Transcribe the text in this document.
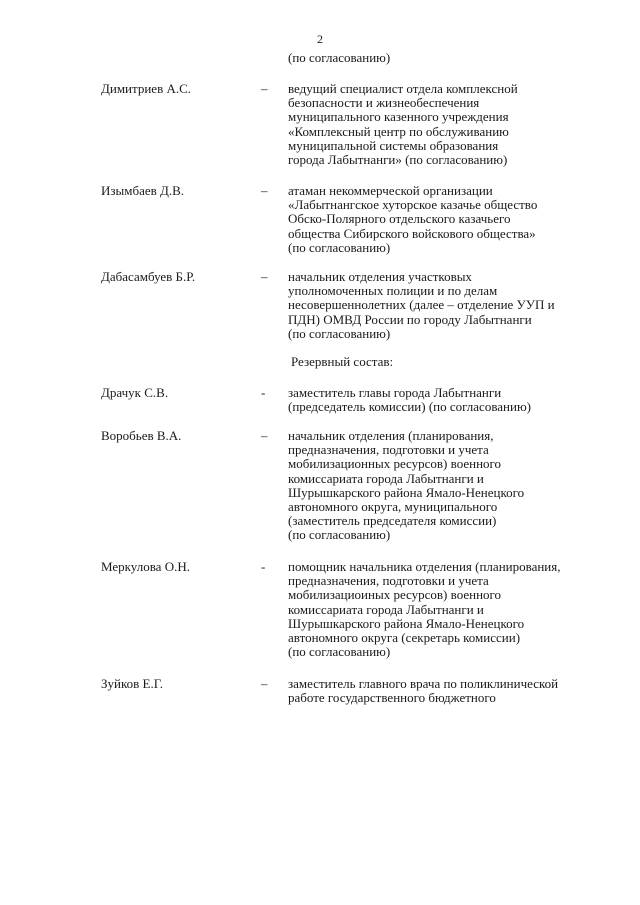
2
(по согласованию)
Димитриев А.С.	– ведущий специалист отдела комплексной
безопасности и жизнеобеспечения
муниципального казенного учреждения
«Комплексный центр по обслуживанию
муниципальной системы образования
города Лабытнанги» (по согласованию)
Изымбаев Д.В.	– атаман некоммерческой организации
«Лабытнангское хуторское казачье общество
Обско-Полярного отдельского казачьего
общества Сибирского войскового общества»
(по согласованию)
Дабасамбуев Б.Р.	– начальник отделения участковых
уполномоченных полиции и по делам
несовершеннолетних (далее – отделение УУП и
ПДН) ОМВД России по городу Лабытнанги
(по согласованию)
Резервный состав:
Драчук С.В.	- заместитель главы города Лабытнанги
(председатель комиссии) (по согласованию)
Воробьев В.А.	– начальник отделения (планирования,
предназначения, подготовки и учета
мобилизационных ресурсов) военного
комиссариата города Лабытнанги и
Шурышкарского района Ямало-Ненецкого
автономного округа, муниципального
(заместитель председателя комиссии)
(по согласованию)
Меркулова О.Н.	- помощник начальника отделения (планирования,
предназначения, подготовки и учета
мобилизациоиных ресурсов) военного
комиссариата города Лабытнанги и
Шурышкарского района Ямало-Ненецкого
автономного округа (секретарь комиссии)
(по согласованию)
Зуйков Е.Г.	– заместитель главного врача по поликлинической
работе государственного бюджетного
